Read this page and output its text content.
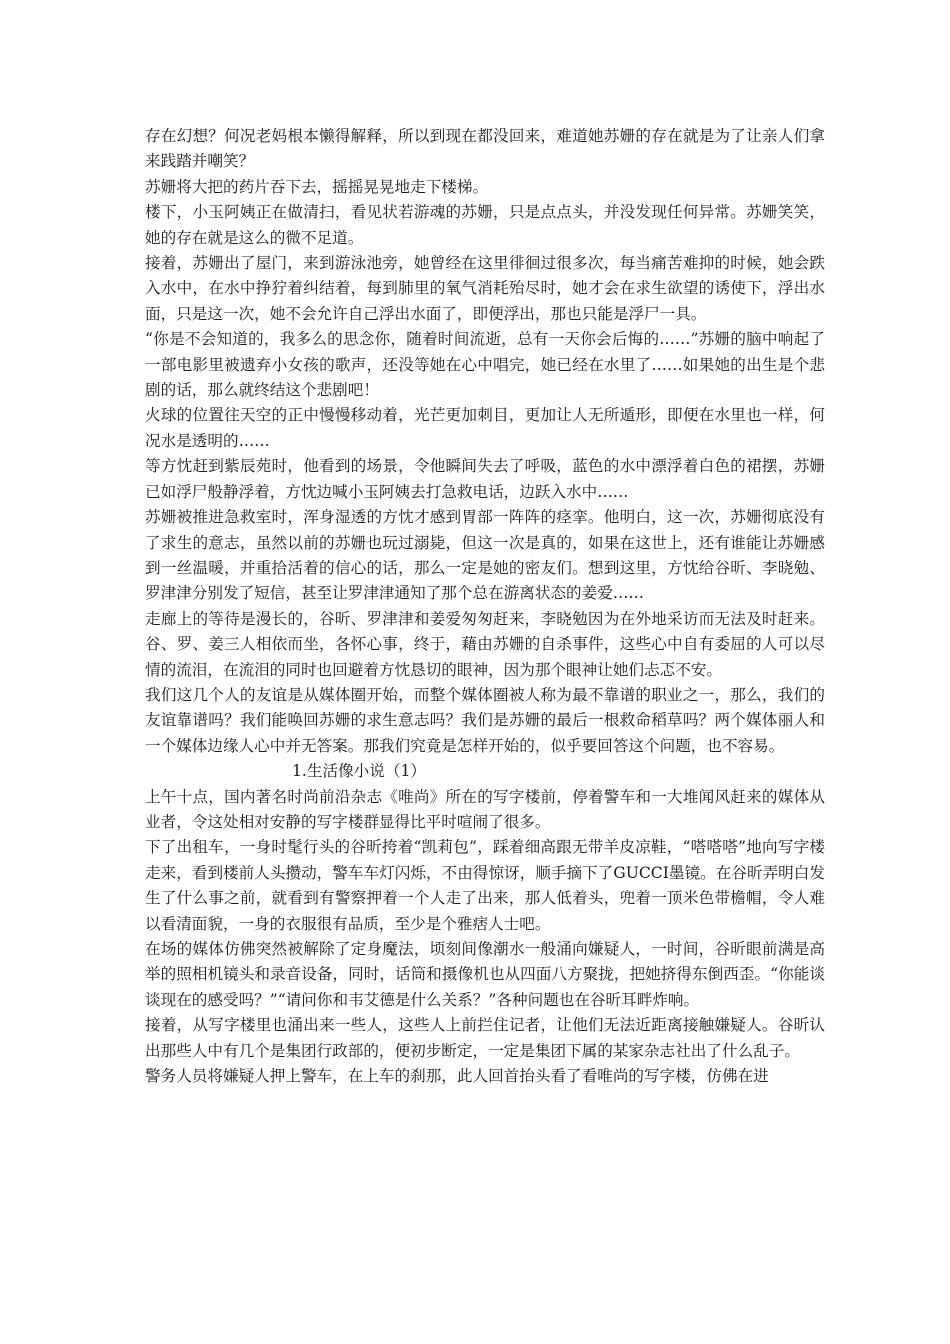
存在幻想？何况老妈根本懒得解释，所以到现在都没回来，难道她苏姗的存在就是为了让亲人们拿来践踏并嘲笑？

苏姗将大把的药片吞下去，摇摇晃晃地走下楼梯。

楼下，小玉阿姨正在做清扫，看见状若游魂的苏姗，只是点点头，并没发现任何异常。苏姗笑笑，她的存在就是这么的微不足道。

接着，苏姗出了屋门，来到游泳池旁，她曾经在这里徘徊过很多次，每当痛苦难抑的时候，她会跌入水中，在水中挣狞着纠结着，每到肺里的氧气消耗殆尽时，她才会在求生欲望的诱使下，浮出水面，只是这一次，她不会允许自己浮出水面了，即便浮出，那也只能是浮尸一具。

“你是不会知道的，我多么的思念你，随着时间流逝，总有一天你会后悔的……”苏姗的脑中响起了一部电影里被遗弃小女孩的歌声，还没等她在心中唱完，她已经在水里了……如果她的出生是个悲剧的话，那么就终结这个悲剧吧！

火球的位置往天空的正中慢慢移动着，光芒更加刺目，更加让人无所遁形，即便在水里也一样，何况水是透明的……

等方忱赶到紫辰苑时，他看到的场景，令他瞬间失去了呼吸，蓝色的水中漂浮着白色的裙摆，苏姗已如浮尸般静浮着，方忱边喊小玉阿姨去打急救电话，边跃入水中……

苏姗被推进急救室时，浑身湿透的方忱才感到胃部一阵阵的痉挛。他明白，这一次，苏姗彻底没有了求生的意志，虽然以前的苏姗也玩过溺毙，但这一次是真的，如果在这世上，还有谁能让苏姗感到一丝温暖，并重拾活着的信心的话，那么一定是她的密友们。想到这里，方忱给谷昕、李晓勉、罗津津分别发了短信，甚至让罗津津通知了那个总在游离状态的姜爱……

走廊上的等待是漫长的，谷昕、罗津津和姜爱匆匆赶来，李晓勉因为在外地采访而无法及时赶来。谷、罗、姜三人相依而坐，各怀心事，终于，藉由苏姗的自杀事件，这些心中自有委屈的人可以尽情的流泪，在流泪的同时也回避着方忱恳切的眼神，因为那个眼神让她们忐忑不安。

我们这几个人的友谊是从媒体圈开始，而整个媒体圈被人称为最不靠谱的职业之一，那么，我们的友谊靠谱吗？我们能唤回苏姗的求生意志吗？我们是苏姗的最后一根救命稻草吗？两个媒体丽人和一个媒体边缘人心中并无答案。那我们究竟是怎样开始的，似乎要回答这个问题，也不容易。

1.生活像小说（1）

上午十点，国内著名时尚前沿杂志《唯尚》所在的写字楼前，停着警车和一大堆闻风赶来的媒体从业者，令这处相对安静的写字楼群显得比平时喧闹了很多。

下了出租车，一身时髦行头的谷昕挎着“凯莉包”，踩着细高跟无带羊皮凉鞋，“嗒嗒嗒”地向写字楼走来，看到楼前人头攒动，警车车灯闪烁，不由得惊讶，顺手摘下了GUCCI墨镜。在谷昕弄明白发生了什么事之前，就看到有警察押着一个人走了出来，那人低着头，兜着一顶米色带檐帽，令人难以看清面貌，一身的衣服很有品质，至少是个雅痞人士吧。

在场的媒体仿佛突然被解除了定身魔法，顷刻间像潮水一般涌向嫌疑人，一时间，谷昕眼前满是高举的照相机镜头和录音设备，同时，话筒和摄像机也从四面八方聚拢，把她挤得东倒西歪。“你能谈谈现在的感受吗？”“请问你和韦艾德是什么关系？”各种问题也在谷昕耳畔炸响。

接着，从写字楼里也涌出来一些人，这些人上前拦住记者，让他们无法近距离接触嫌疑人。谷昕认出那些人中有几个是集团行政部的，便初步断定，一定是集团下属的某家杂志社出了什么乱子。

警务人员将嫌疑人押上警车，在上车的刹那，此人回首抬头看了看唯尚的写字楼，仿佛在进
